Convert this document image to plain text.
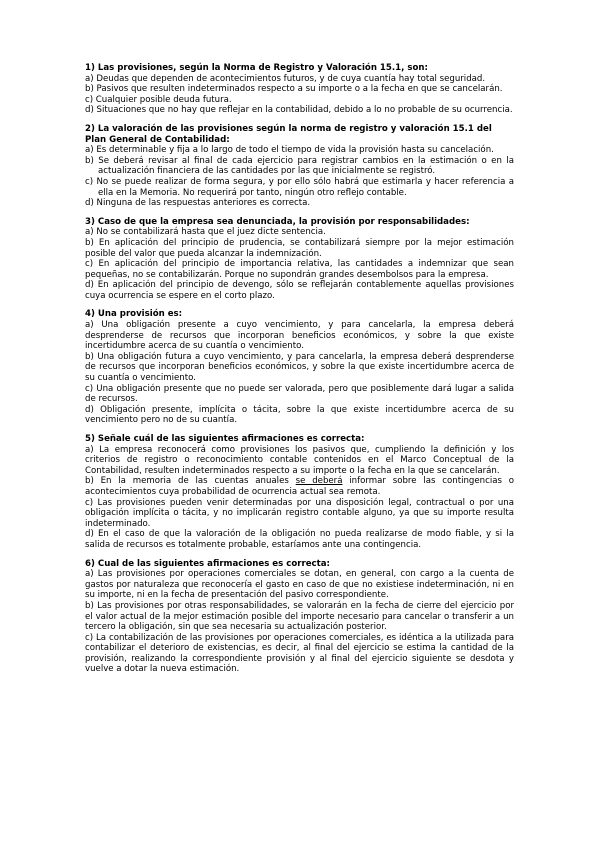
1) Las provisiones, según la Norma de Registro y Valoración 15.1, son:

a) Deudas que dependen de acontecimientos futuros, y de cuya cuantía hay total seguridad.

b) Pasivos que resulten indeterminados respecto a su importe o a la fecha en que se cancelarán.

c) Cualquier posible deuda futura.

d) Situaciones que no hay que reflejar en la contabilidad, debido a lo no probable de su ocurrencia.

2) La valoración de las provisiones según la norma de registro y valoración 15.1 del Plan General de Contabilidad:

a) Es determinable y fija a lo largo de todo el tiempo de vida la provisión hasta su cancelación.

b) Se deberá revisar al final de cada ejercicio para registrar cambios en la estimación o en la actualización financiera de las cantidades por las que inicialmente se registró.

c) No se puede realizar de forma segura, y por ello sólo habrá que estimarla y hacer referencia a ella en la Memoria. No requerirá por tanto, ningún otro reflejo contable.

d) Ninguna de las respuestas anteriores es correcta.

3) Caso de que la empresa sea denunciada, la provisión por responsabilidades:

a) No se contabilizará hasta que el juez dicte sentencia.

b) En aplicación del principio de prudencia, se contabilizará siempre por la mejor estimación posible del valor que pueda alcanzar la indemnización.

c) En aplicación del principio de importancia relativa, las cantidades a indemnizar que sean pequeñas, no se contabilizarán. Porque no supondrán grandes desembolsos para la empresa.

d) En aplicación del principio de devengo, sólo se reflejarán contablemente aquellas provisiones cuya ocurrencia se espere en el corto plazo.

4) Una provisión es:

a) Una obligación presente a cuyo vencimiento, y para cancelarla, la empresa deberá desprenderse de recursos que incorporan beneficios económicos, y sobre la que existe incertidumbre acerca de su cuantía o vencimiento.

b) Una obligación futura a cuyo vencimiento, y para cancelarla, la empresa deberá desprenderse de recursos que incorporan beneficios económicos, y sobre la que existe incertidumbre acerca de su cuantía o vencimiento.

c) Una obligación presente que no puede ser valorada, pero que posiblemente dará lugar a salida de recursos.

d) Obligación presente, implícita o tácita, sobre la que existe incertidumbre acerca de su vencimiento pero no de su cuantía.

5) Señale cuál de las siguientes afirmaciones es correcta:

a) La empresa reconocerá como provisiones los pasivos que, cumpliendo la definición y los criterios de registro o reconocimiento contable contenidos en el Marco Conceptual de la Contabilidad, resulten indeterminados respecto a su importe o la fecha en la que se cancelarán.

b) En la memoria de las cuentas anuales se deberá informar sobre las contingencias o acontecimientos cuya probabilidad de ocurrencia actual sea remota.

c) Las provisiones pueden venir determinadas por una disposición legal, contractual o por una obligación implícita o tácita, y no implicarán registro contable alguno, ya que su importe resulta indeterminado.

d) En el caso de que la valoración de la obligación no pueda realizarse de modo fiable, y si la salida de recursos es totalmente probable, estaríamos ante una contingencia.

6) Cual de las siguientes afirmaciones es correcta:

a) Las provisiones por operaciones comerciales se dotan, en general, con cargo a la cuenta de gastos por naturaleza que reconocería el gasto en caso de que no existiese indeterminación, ni en su importe, ni en la fecha de presentación del pasivo correspondiente.

b) Las provisiones por otras responsabilidades, se valorarán en la fecha de cierre del ejercicio por el valor actual de la mejor estimación posible del importe necesario para cancelar o transferir a un tercero la obligación, sin que sea necesaria su actualización posterior.

c) La contabilización de las provisiones por operaciones comerciales, es idéntica a la utilizada para contabilizar el deterioro de existencias, es decir, al final del ejercicio se estima la cantidad de la provisión, realizando la correspondiente provisión y al final del ejercicio siguiente se desdota y vuelve a dotar la nueva estimación.
